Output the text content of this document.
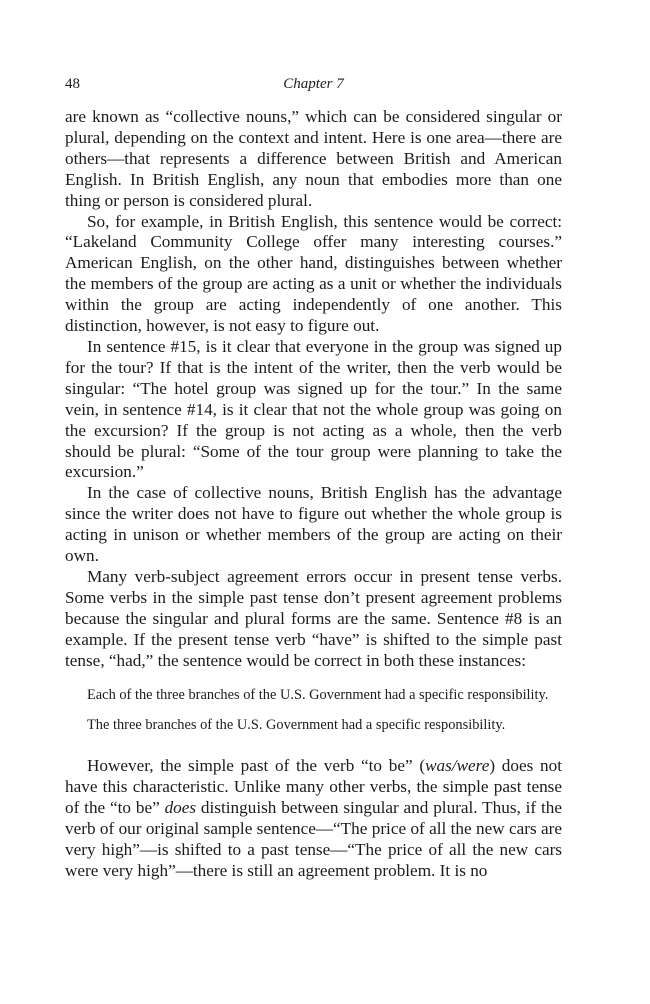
48	Chapter 7

are known as “collective nouns,” which can be considered singular or plural, depending on the context and intent. Here is one area—there are others—that represents a difference between British and American English. In British English, any noun that embodies more than one thing or person is considered plural.

So, for example, in British English, this sentence would be correct: “Lakeland Community College offer many interesting courses.” American English, on the other hand, distinguishes between whether the members of the group are acting as a unit or whether the individuals within the group are acting independently of one another. This distinction, however, is not easy to figure out.

In sentence #15, is it clear that everyone in the group was signed up for the tour? If that is the intent of the writer, then the verb would be singular: “The hotel group was signed up for the tour.” In the same vein, in sentence #14, is it clear that not the whole group was going on the excursion? If the group is not acting as a whole, then the verb should be plural: “Some of the tour group were planning to take the excursion.”

In the case of collective nouns, British English has the advantage since the writer does not have to figure out whether the whole group is acting in unison or whether members of the group are acting on their own.

Many verb-subject agreement errors occur in present tense verbs. Some verbs in the simple past tense don’t present agreement problems because the singular and plural forms are the same. Sentence #8 is an example. If the present tense verb “have” is shifted to the simple past tense, “had,” the sentence would be correct in both these instances:

Each of the three branches of the U.S. Government had a specific responsibility.

The three branches of the U.S. Government had a specific responsibility.

However, the simple past of the verb “to be” (was/were) does not have this characteristic. Unlike many other verbs, the simple past tense of the “to be” does distinguish between singular and plural. Thus, if the verb of our original sample sentence—“The price of all the new cars are very high”—is shifted to a past tense—“The price of all the new cars were very high”—there is still an agreement problem. It is no
